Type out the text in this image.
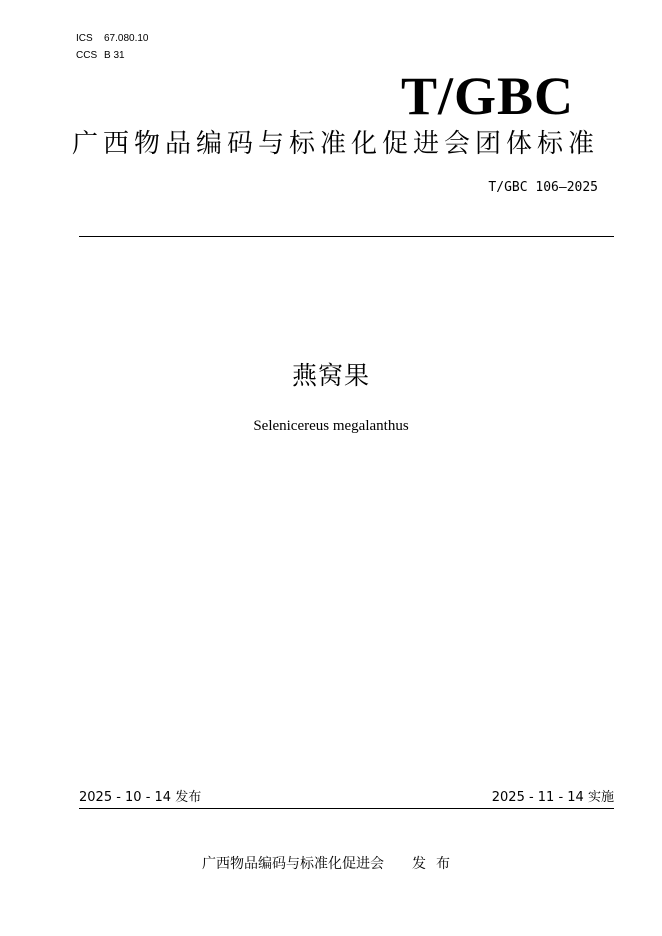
ICS 67.080.10
CCS B 31
T/GBC
广西物品编码与标准化促进会团体标准
T/GBC 106—2025
燕窝果
Selenicereus megalanthus
2025 - 10 - 14 发布	2025 - 11 - 14 实施
广西物品编码与标准化促进会 发布
